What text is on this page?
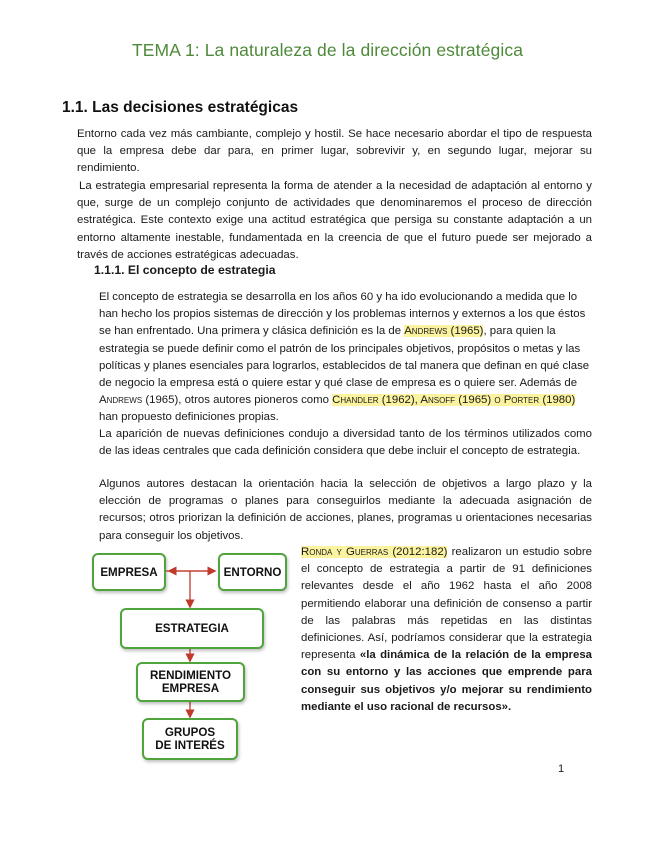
TEMA 1: La naturaleza de la dirección estratégica
1.1. Las decisiones estratégicas
Entorno cada vez más cambiante, complejo y hostil. Se hace necesario abordar el tipo de respuesta que la empresa debe dar para, en primer lugar, sobrevivir y, en segundo lugar, mejorar su rendimiento.
La estrategia empresarial representa la forma de atender a la necesidad de adaptación al entorno y que, surge de un complejo conjunto de actividades que denominaremos el proceso de dirección estratégica. Este contexto exige una actitud estratégica que persiga su constante adaptación a un entorno altamente inestable, fundamentada en la creencia de que el futuro puede ser mejorado a través de acciones estratégicas adecuadas.
1.1.1. El concepto de estrategia
El concepto de estrategia se desarrolla en los años 60 y ha ido evolucionando a medida que lo han hecho los propios sistemas de dirección y los problemas internos y externos a los que éstos se han enfrentado. Una primera y clásica definición es la de Andrews (1965), para quien la estrategia se puede definir como el patrón de los principales objetivos, propósitos o metas y las políticas y planes esenciales para lograrlos, establecidos de tal manera que definan en qué clase de negocio la empresa está o quiere estar y qué clase de empresa es o quiere ser. Además de Andrews (1965), otros autores pioneros como Chandler (1962), Ansoff (1965) o Porter (1980) han propuesto definiciones propias.
La aparición de nuevas definiciones condujo a diversidad tanto de los términos utilizados como de las ideas centrales que cada definición considera que debe incluir el concepto de estrategia.
Algunos autores destacan la orientación hacia la selección de objetivos a largo plazo y la elección de programas o planes para conseguirlos mediante la adecuada asignación de recursos; otros priorizan la definición de acciones, planes, programas u orientaciones necesarias para conseguir los objetivos.
Ronda y Guerras (2012:182) realizaron un estudio sobre el concepto de estrategia a partir de 91 definiciones relevantes desde el año 1962 hasta el año 2008 permitiendo elaborar una definición de consenso a partir de las palabras más repetidas en las distintas definiciones. Así, podríamos considerar que la estrategia representa «la dinámica de la relación de la empresa con su entorno y las acciones que emprende para conseguir sus objetivos y/o mejorar su rendimiento mediante el uso racional de recursos».
EMPRESA	ENTORNO
ESTRATEGIA
RENDIMIENTO
EMPRESA
GRUPOS
DE INTERÉS
1
